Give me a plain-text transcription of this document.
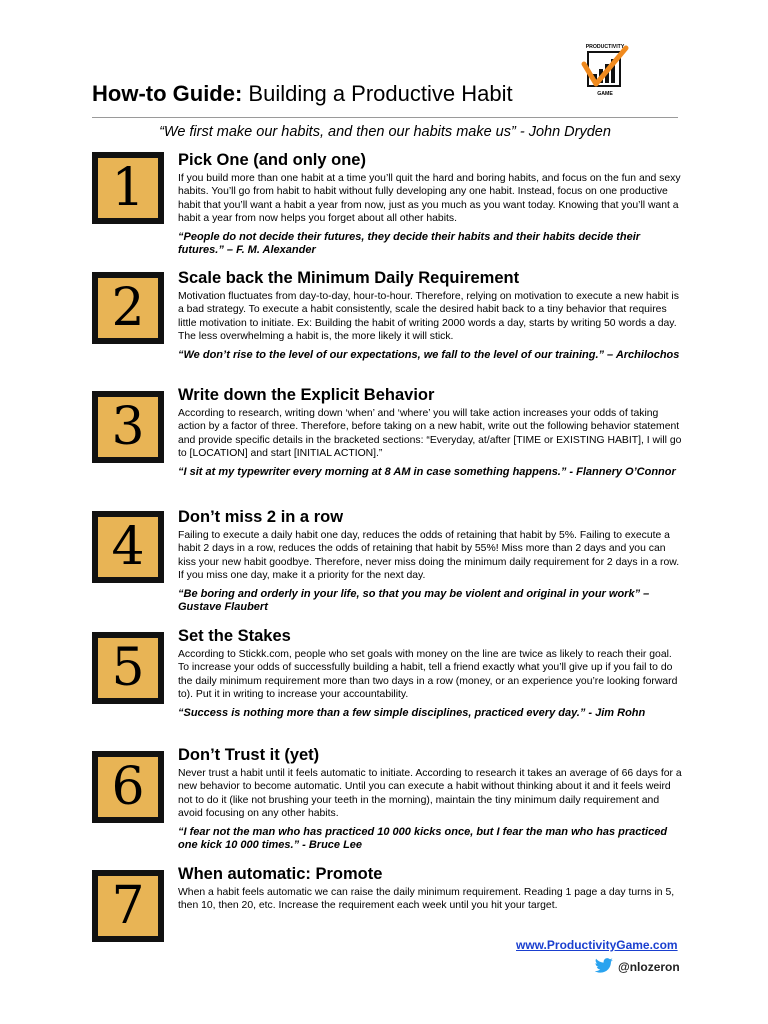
How-to Guide: Building a Productive Habit
PRODUCTIVITY
GAME
“We first make our habits, and then our habits make us” - John Dryden
1	Pick One (and only one)
If you build more than one habit at a time you’ll quit the hard and boring habits, and focus on the fun and sexy habits. You’ll go from habit to habit without fully developing any one habit. Instead, focus on one productive habit that you’ll want a habit a year from now, just as you much as you want today. Knowing that you’ll want a habit a year from now helps you forget about all other habits.
“People do not decide their futures, they decide their habits and their habits decide their futures.” – F. M. Alexander
2	Scale back the Minimum Daily Requirement
Motivation fluctuates from day-to-day, hour-to-hour. Therefore, relying on motivation to execute a new habit is a bad strategy. To execute a habit consistently, scale the desired habit back to a tiny behavior that requires little motivation to initiate. Ex: Building the habit of writing 2000 words a day, starts by writing 50 words a day. The less overwhelming a habit is, the more likely it will stick.
“We don’t rise to the level of our expectations, we fall to the level of our training.” – Archilochos
3
Write down the Explicit Behavior
According to research, writing down ‘when’ and ‘where’ you will take action increases your odds of taking action by a factor of three. Therefore, before taking on a new habit, write out the following behavior statement and provide specific details in the bracketed sections: “Everyday, at/after [TIME or EXISTING HABIT], I will go to [LOCATION] and start [INITIAL ACTION].”
“I sit at my typewriter every morning at 8 AM in case something happens.” - Flannery O’Connor
4	Don’t miss 2 in a row
Failing to execute a daily habit one day, reduces the odds of retaining that habit by 5%. Failing to execute a habit 2 days in a row, reduces the odds of retaining that habit by 55%! Miss more than 2 days and you can kiss your new habit goodbye. Therefore, never miss doing the minimum daily requirement for 2 days in a row. If you miss one day, make it a priority for the next day.
“Be boring and orderly in your life, so that you may be violent and original in your work” – Gustave Flaubert
5
Set the Stakes
According to Stickk.com, people who set goals with money on the line are twice as likely to reach their goal. To increase your odds of successfully building a habit, tell a friend exactly what you’ll give up if you fail to do the daily minimum requirement more than two days in a row (money, or an experience you’re looking forward to). Put it in writing to increase your accountability.
“Success is nothing more than a few simple disciplines, practiced every day.” - Jim Rohn
6
Don’t Trust it (yet)
Never trust a habit until it feels automatic to initiate. According to research it takes an average of 66 days for a new behavior to become automatic. Until you can execute a habit without thinking about it and it feels weird not to do it (like not brushing your teeth in the morning), maintain the tiny minimum daily requirement and avoid focusing on any other habits.
“I fear not the man who has practiced 10 000 kicks once, but I fear the man who has practiced one kick 10 000 times.” - Bruce Lee
7
When automatic: Promote
When a habit feels automatic we can raise the daily minimum requirement. Reading 1 page a day turns in 5, then 10, then 20, etc. Increase the requirement each week until you hit your target.
www.ProductivityGame.com
@nlozeron
